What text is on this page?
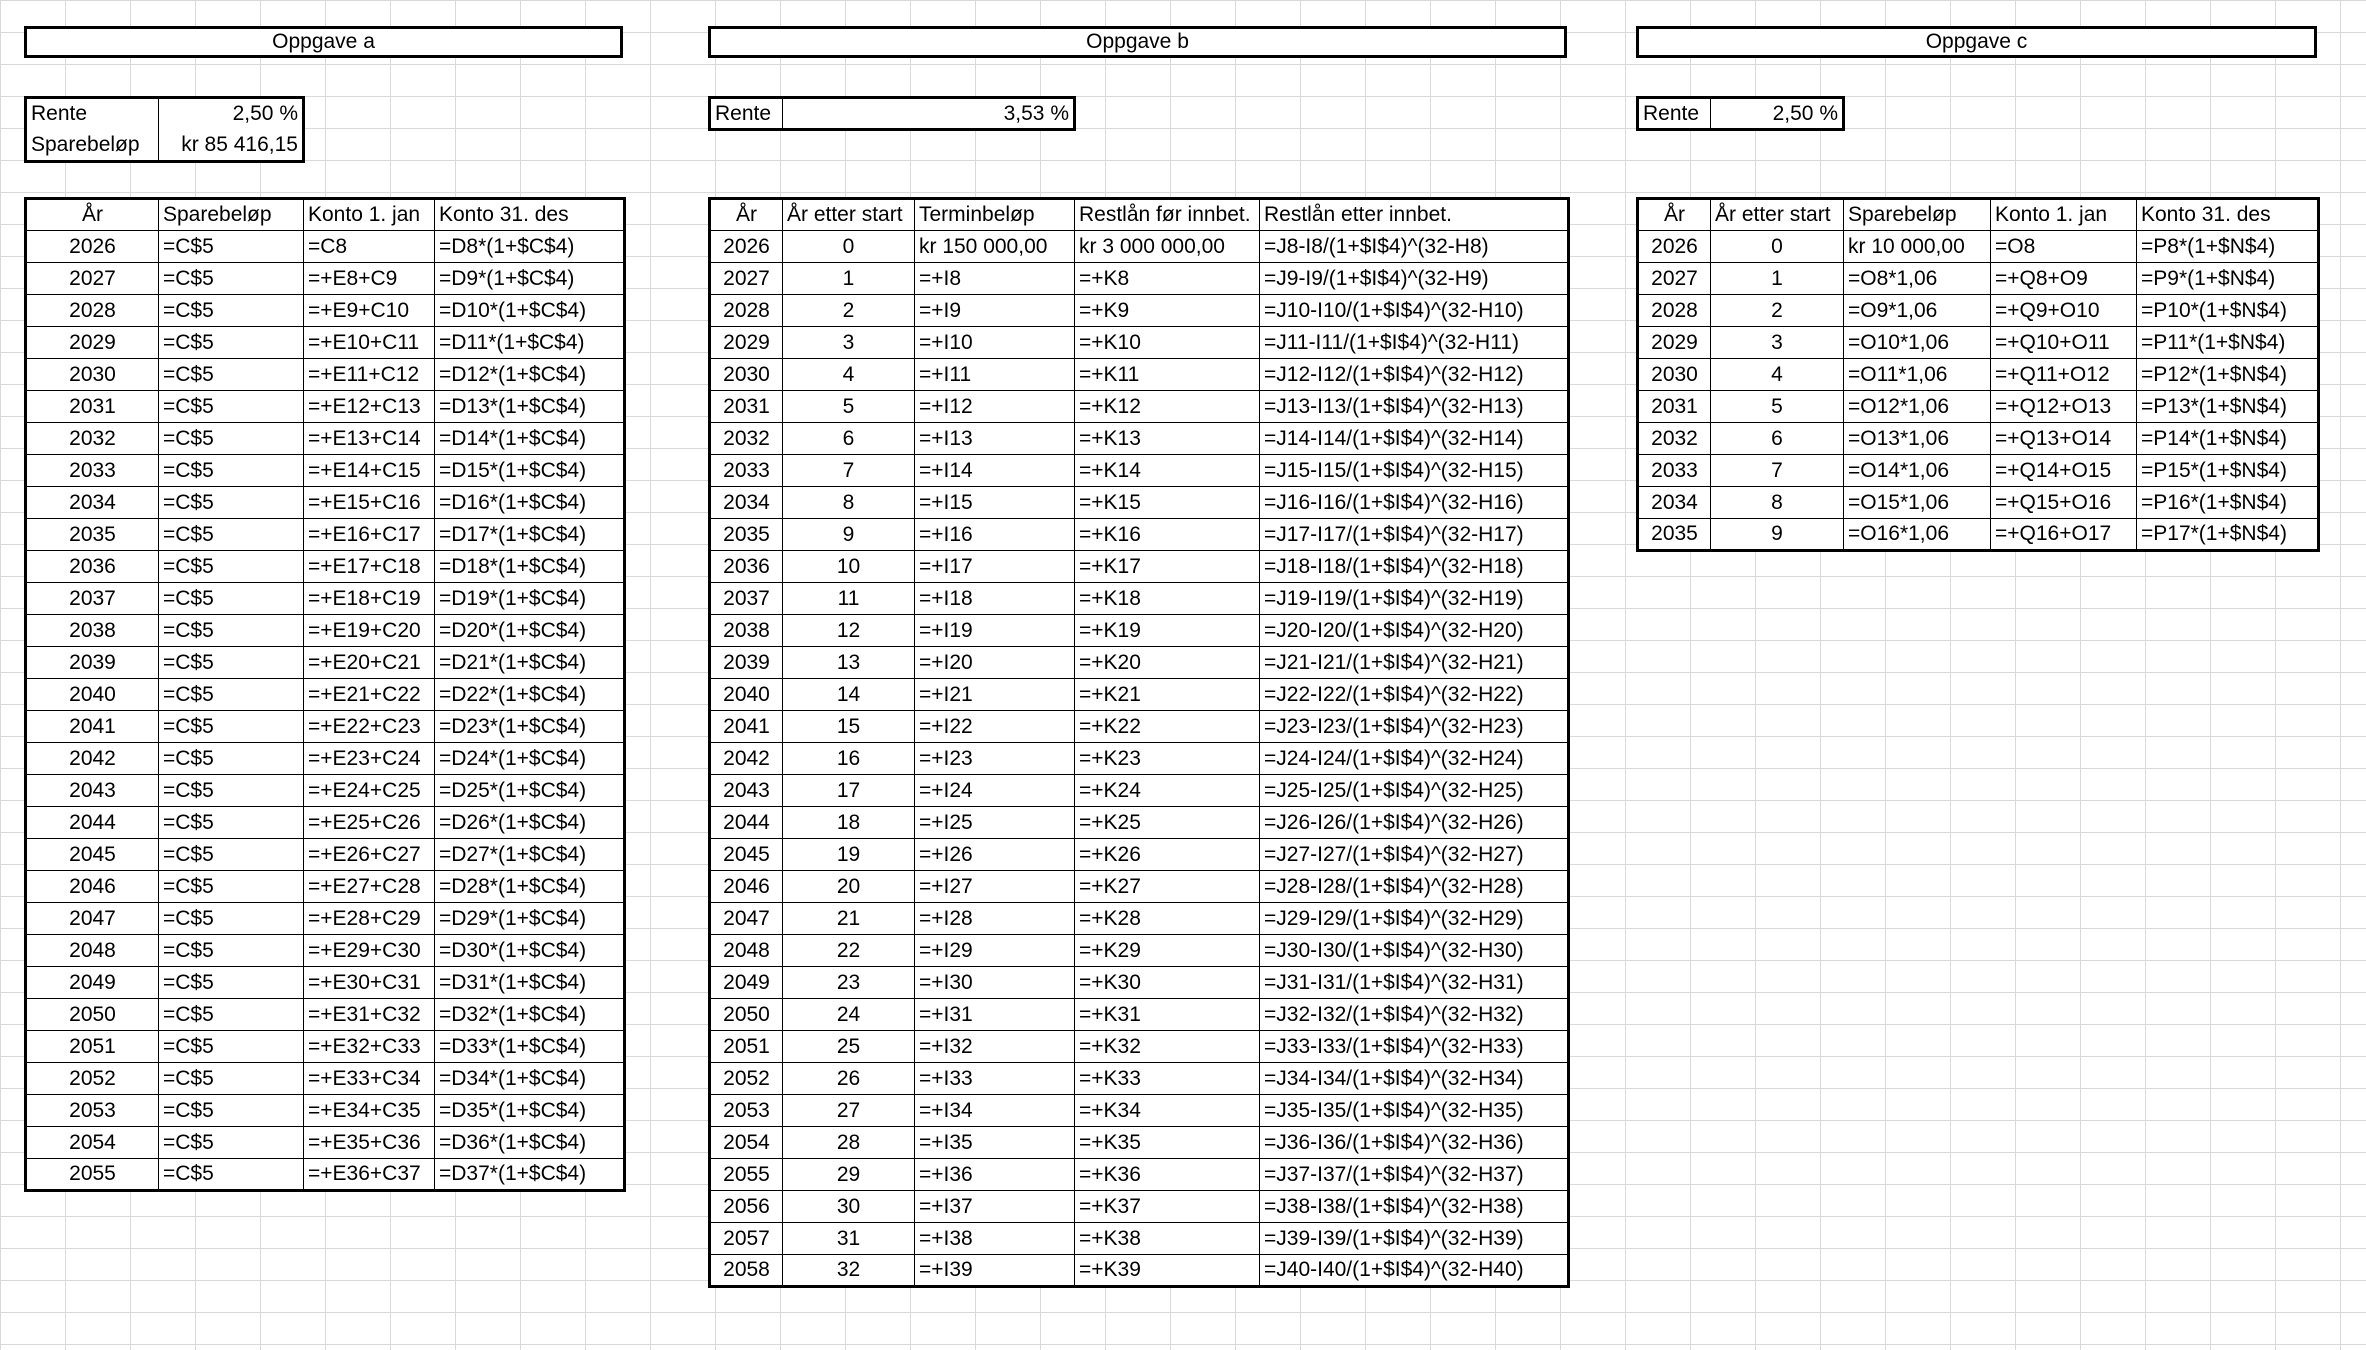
Oppgave a
Rente	2,50 %
Sparebeløp	kr 85 416,15
År	Sparebeløp	Konto 1. jan	Konto 31. des
2026	=C$5	=C8	=D8*(1+$C$4)
2027	=C$5	=+E8+C9	=D9*(1+$C$4)
2028	=C$5	=+E9+C10	=D10*(1+$C$4)
2029	=C$5	=+E10+C11	=D11*(1+$C$4)
2030	=C$5	=+E11+C12	=D12*(1+$C$4)
2031	=C$5	=+E12+C13	=D13*(1+$C$4)
2032	=C$5	=+E13+C14	=D14*(1+$C$4)
2033	=C$5	=+E14+C15	=D15*(1+$C$4)
2034	=C$5	=+E15+C16	=D16*(1+$C$4)
2035	=C$5	=+E16+C17	=D17*(1+$C$4)
2036	=C$5	=+E17+C18	=D18*(1+$C$4)
2037	=C$5	=+E18+C19	=D19*(1+$C$4)
2038	=C$5	=+E19+C20	=D20*(1+$C$4)
2039	=C$5	=+E20+C21	=D21*(1+$C$4)
2040	=C$5	=+E21+C22	=D22*(1+$C$4)
2041	=C$5	=+E22+C23	=D23*(1+$C$4)
2042	=C$5	=+E23+C24	=D24*(1+$C$4)
2043	=C$5	=+E24+C25	=D25*(1+$C$4)
2044	=C$5	=+E25+C26	=D26*(1+$C$4)
2045	=C$5	=+E26+C27	=D27*(1+$C$4)
2046	=C$5	=+E27+C28	=D28*(1+$C$4)
2047	=C$5	=+E28+C29	=D29*(1+$C$4)
2048	=C$5	=+E29+C30	=D30*(1+$C$4)
2049	=C$5	=+E30+C31	=D31*(1+$C$4)
2050	=C$5	=+E31+C32	=D32*(1+$C$4)
2051	=C$5	=+E32+C33	=D33*(1+$C$4)
2052	=C$5	=+E33+C34	=D34*(1+$C$4)
2053	=C$5	=+E34+C35	=D35*(1+$C$4)
2054	=C$5	=+E35+C36	=D36*(1+$C$4)
2055	=C$5	=+E36+C37	=D37*(1+$C$4)
Oppgave b
Rente	3,53 %
År	År etter start	Terminbeløp	Restlån før innbet.	Restlån etter innbet.
2026	0	kr 150 000,00	kr 3 000 000,00	=J8-I8/(1+$I$4)^(32-H8)
2027	1	=+I8	=+K8	=J9-I9/(1+$I$4)^(32-H9)
2028	2	=+I9	=+K9	=J10-I10/(1+$I$4)^(32-H10)
2029	3	=+I10	=+K10	=J11-I11/(1+$I$4)^(32-H11)
2030	4	=+I11	=+K11	=J12-I12/(1+$I$4)^(32-H12)
2031	5	=+I12	=+K12	=J13-I13/(1+$I$4)^(32-H13)
2032	6	=+I13	=+K13	=J14-I14/(1+$I$4)^(32-H14)
2033	7	=+I14	=+K14	=J15-I15/(1+$I$4)^(32-H15)
2034	8	=+I15	=+K15	=J16-I16/(1+$I$4)^(32-H16)
2035	9	=+I16	=+K16	=J17-I17/(1+$I$4)^(32-H17)
2036	10	=+I17	=+K17	=J18-I18/(1+$I$4)^(32-H18)
2037	11	=+I18	=+K18	=J19-I19/(1+$I$4)^(32-H19)
2038	12	=+I19	=+K19	=J20-I20/(1+$I$4)^(32-H20)
2039	13	=+I20	=+K20	=J21-I21/(1+$I$4)^(32-H21)
2040	14	=+I21	=+K21	=J22-I22/(1+$I$4)^(32-H22)
2041	15	=+I22	=+K22	=J23-I23/(1+$I$4)^(32-H23)
2042	16	=+I23	=+K23	=J24-I24/(1+$I$4)^(32-H24)
2043	17	=+I24	=+K24	=J25-I25/(1+$I$4)^(32-H25)
2044	18	=+I25	=+K25	=J26-I26/(1+$I$4)^(32-H26)
2045	19	=+I26	=+K26	=J27-I27/(1+$I$4)^(32-H27)
2046	20	=+I27	=+K27	=J28-I28/(1+$I$4)^(32-H28)
2047	21	=+I28	=+K28	=J29-I29/(1+$I$4)^(32-H29)
2048	22	=+I29	=+K29	=J30-I30/(1+$I$4)^(32-H30)
2049	23	=+I30	=+K30	=J31-I31/(1+$I$4)^(32-H31)
2050	24	=+I31	=+K31	=J32-I32/(1+$I$4)^(32-H32)
2051	25	=+I32	=+K32	=J33-I33/(1+$I$4)^(32-H33)
2052	26	=+I33	=+K33	=J34-I34/(1+$I$4)^(32-H34)
2053	27	=+I34	=+K34	=J35-I35/(1+$I$4)^(32-H35)
2054	28	=+I35	=+K35	=J36-I36/(1+$I$4)^(32-H36)
2055	29	=+I36	=+K36	=J37-I37/(1+$I$4)^(32-H37)
2056	30	=+I37	=+K37	=J38-I38/(1+$I$4)^(32-H38)
2057	31	=+I38	=+K38	=J39-I39/(1+$I$4)^(32-H39)
2058	32	=+I39	=+K39	=J40-I40/(1+$I$4)^(32-H40)
Oppgave c
Rente	2,50 %
År	År etter start	Sparebeløp	Konto 1. jan	Konto 31. des
2026	0	kr 10 000,00	=O8	=P8*(1+$N$4)
2027	1	=O8*1,06	=+Q8+O9	=P9*(1+$N$4)
2028	2	=O9*1,06	=+Q9+O10	=P10*(1+$N$4)
2029	3	=O10*1,06	=+Q10+O11	=P11*(1+$N$4)
2030	4	=O11*1,06	=+Q11+O12	=P12*(1+$N$4)
2031	5	=O12*1,06	=+Q12+O13	=P13*(1+$N$4)
2032	6	=O13*1,06	=+Q13+O14	=P14*(1+$N$4)
2033	7	=O14*1,06	=+Q14+O15	=P15*(1+$N$4)
2034	8	=O15*1,06	=+Q15+O16	=P16*(1+$N$4)
2035	9	=O16*1,06	=+Q16+O17	=P17*(1+$N$4)
